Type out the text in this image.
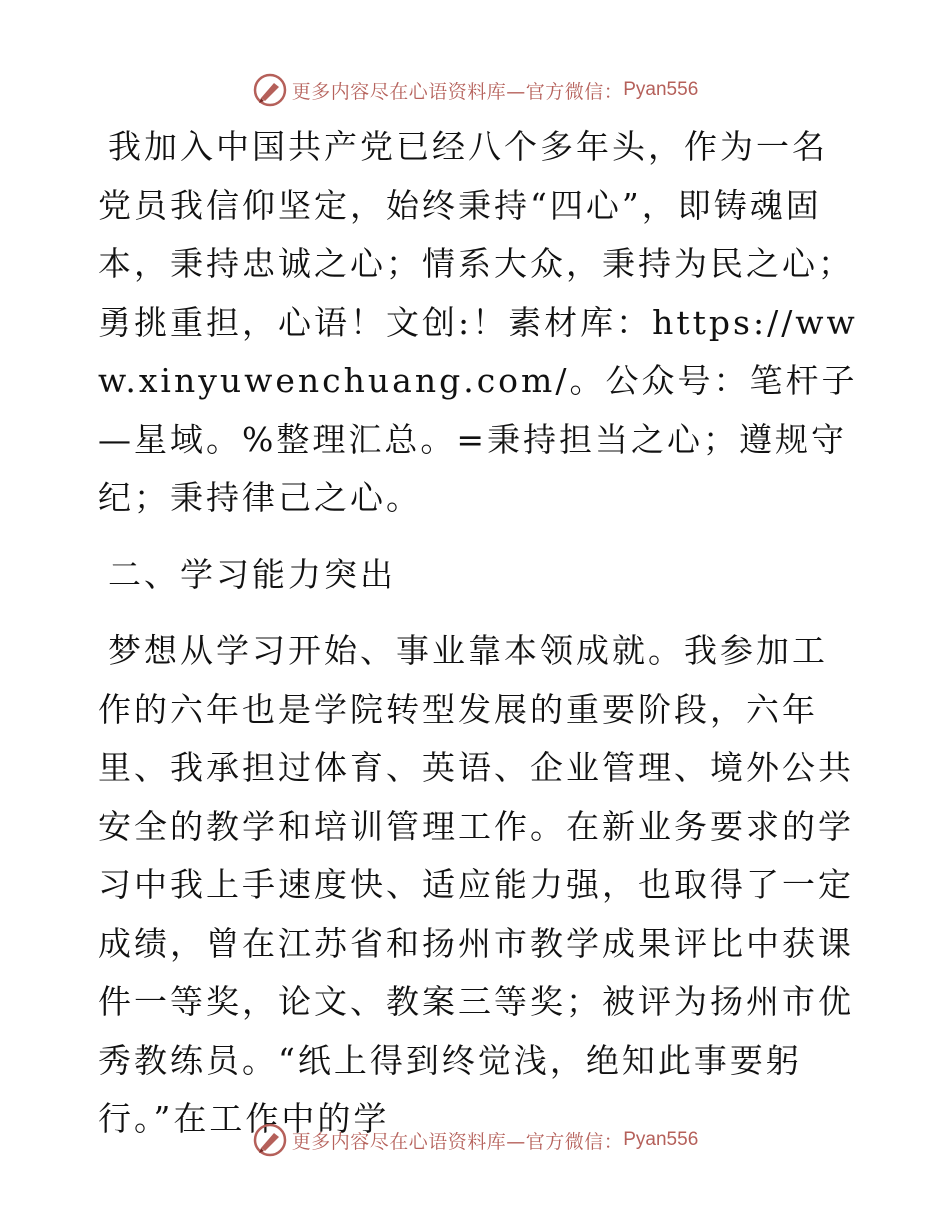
更多内容尽在心语资料库—官方微信： Pyan556

我加入中国共产党已经八个多年头，作为一名党员我信仰坚定，始终秉持“四心”，即铸魂固本，秉持忠诚之心；情系大众，秉持为民之心；勇挑重担，心语！文创:！素材库：https://www.xinyuwenchuang.com/。公众号：笔杆子—星域。%整理汇总。=秉持担当之心；遵规守纪；秉持律己之心。

二、学习能力突出

梦想从学习开始、事业靠本领成就。我参加工作的六年也是学院转型发展的重要阶段，六年里、我承担过体育、英语、企业管理、境外公共安全的教学和培训管理工作。在新业务要求的学习中我上手速度快、适应能力强，也取得了一定成绩，曾在江苏省和扬州市教学成果评比中获课件一等奖，论文、教案三等奖；被评为扬州市优秀教练员。“纸上得到终觉浅，绝知此事要躬行。”在工作中的学

更多内容尽在心语资料库—官方微信： Pyan556
